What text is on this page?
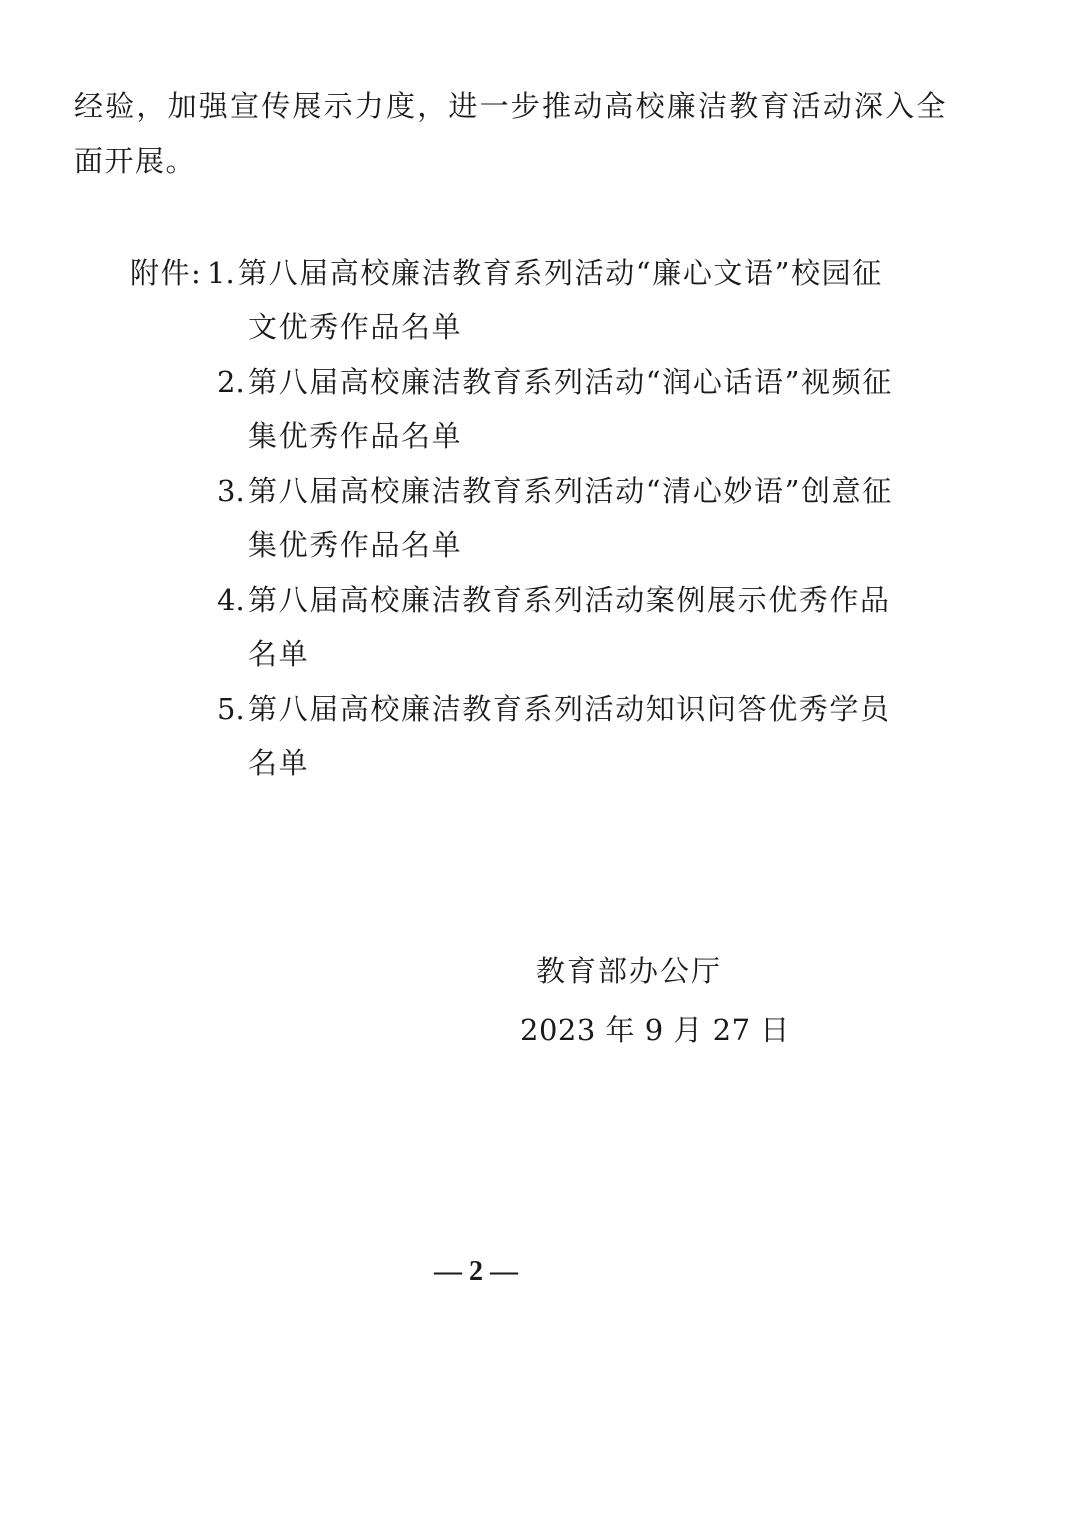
经验，加强宣传展示力度，进一步推动高校廉洁教育活动深入全
面开展。
附件: 1. 第八届高校廉洁教育系列活动“廉心文语”校园征
文优秀作品名单
2. 第八届高校廉洁教育系列活动“润心话语”视频征
集优秀作品名单
3. 第八届高校廉洁教育系列活动“清心妙语”创意征
集优秀作品名单
4. 第八届高校廉洁教育系列活动案例展示优秀作品
名单
5. 第八届高校廉洁教育系列活动知识问答优秀学员
名单
教育部办公厅
2023 年 9 月 27 日
— 2 —
